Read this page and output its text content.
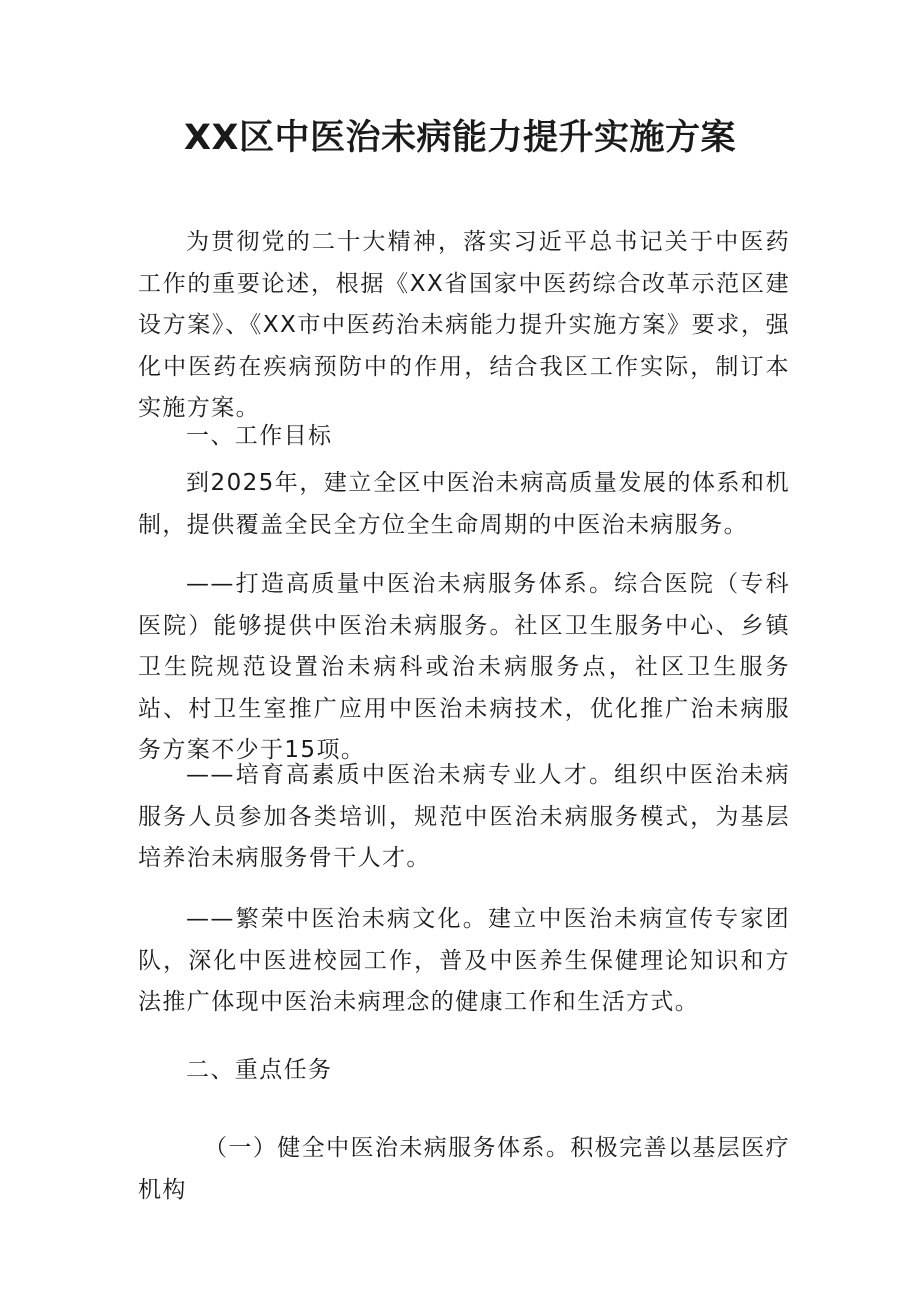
XX区中医治未病能力提升实施方案

为贯彻党的二十大精神，落实习近平总书记关于中医药工作的重要论述，根据《XX省国家中医药综合改革示范区建设方案》、《XX市中医药治未病能力提升实施方案》要求，强化中医药在疾病预防中的作用，结合我区工作实际，制订本实施方案。

一、工作目标

到2025年，建立全区中医治未病高质量发展的体系和机制，提供覆盖全民全方位全生命周期的中医治未病服务。

——打造高质量中医治未病服务体系。综合医院（专科医院）能够提供中医治未病服务。社区卫生服务中心、乡镇卫生院规范设置治未病科或治未病服务点，社区卫生服务站、村卫生室推广应用中医治未病技术，优化推广治未病服务方案不少于15项。

——培育高素质中医治未病专业人才。组织中医治未病服务人员参加各类培训，规范中医治未病服务模式，为基层培养治未病服务骨干人才。

——繁荣中医治未病文化。建立中医治未病宣传专家团队，深化中医进校园工作，普及中医养生保健理论知识和方法推广体现中医治未病理念的健康工作和生活方式。

二、重点任务

（一）健全中医治未病服务体系。积极完善以基层医疗机构
